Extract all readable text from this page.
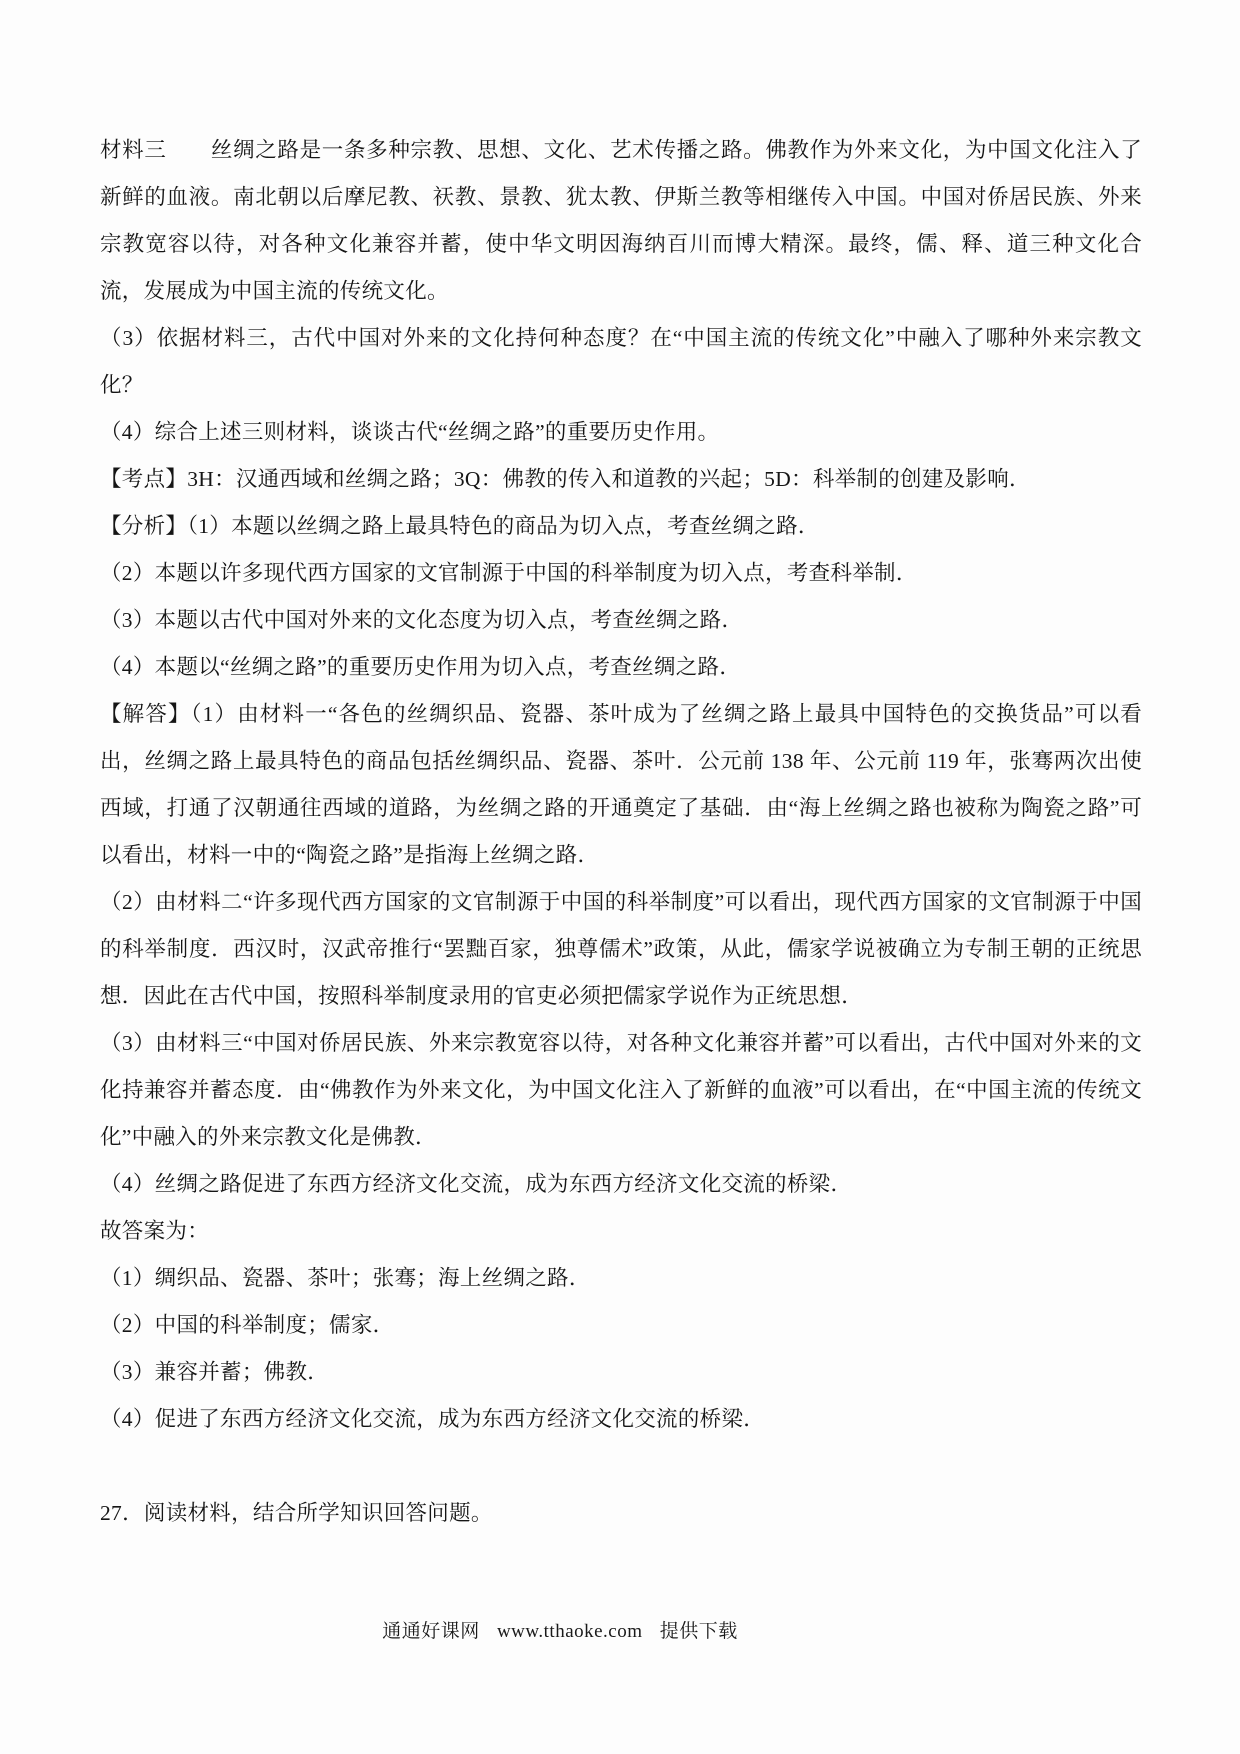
材料三　　丝绸之路是一条多种宗教、思想、文化、艺术传播之路。佛教作为外来文化，为中国文化注入了新鲜的血液。南北朝以后摩尼教、祆教、景教、犹太教、伊斯兰教等相继传入中国。中国对侨居民族、外来宗教宽容以待，对各种文化兼容并蓄，使中华文明因海纳百川而博大精深。最终，儒、释、道三种文化合流，发展成为中国主流的传统文化。

（3）依据材料三，古代中国对外来的文化持何种态度？在“中国主流的传统文化”中融入了哪种外来宗教文化？

（4）综合上述三则材料，谈谈古代“丝绸之路”的重要历史作用。

【考点】3H：汉通西域和丝绸之路；3Q：佛教的传入和道教的兴起；5D：科举制的创建及影响．

【分析】（1）本题以丝绸之路上最具特色的商品为切入点，考查丝绸之路．

（2）本题以许多现代西方国家的文官制源于中国的科举制度为切入点，考查科举制．

（3）本题以古代中国对外来的文化态度为切入点，考查丝绸之路．

（4）本题以“丝绸之路”的重要历史作用为切入点，考查丝绸之路．

【解答】（1）由材料一“各色的丝绸织品、瓷器、茶叶成为了丝绸之路上最具中国特色的交换货品”可以看出，丝绸之路上最具特色的商品包括丝绸织品、瓷器、茶叶．公元前 138 年、公元前 119 年，张骞两次出使西域，打通了汉朝通往西域的道路，为丝绸之路的开通奠定了基础．由“海上丝绸之路也被称为陶瓷之路”可以看出，材料一中的“陶瓷之路”是指海上丝绸之路．

（2）由材料二“许多现代西方国家的文官制源于中国的科举制度”可以看出，现代西方国家的文官制源于中国的科举制度．西汉时，汉武帝推行“罢黜百家，独尊儒术”政策，从此，儒家学说被确立为专制王朝的正统思想．因此在古代中国，按照科举制度录用的官吏必须把儒家学说作为正统思想．

（3）由材料三“中国对侨居民族、外来宗教宽容以待，对各种文化兼容并蓄”可以看出，古代中国对外来的文化持兼容并蓄态度．由“佛教作为外来文化，为中国文化注入了新鲜的血液”可以看出，在“中国主流的传统文化”中融入的外来宗教文化是佛教．

（4）丝绸之路促进了东西方经济文化交流，成为东西方经济文化交流的桥梁．

故答案为：

（1）绸织品、瓷器、茶叶；张骞；海上丝绸之路．

（2）中国的科举制度；儒家．

（3）兼容并蓄；佛教．

（4）促进了东西方经济文化交流，成为东西方经济文化交流的桥梁．

27．阅读材料，结合所学知识回答问题。

通通好课网 www.tthaoke.com 提供下载
